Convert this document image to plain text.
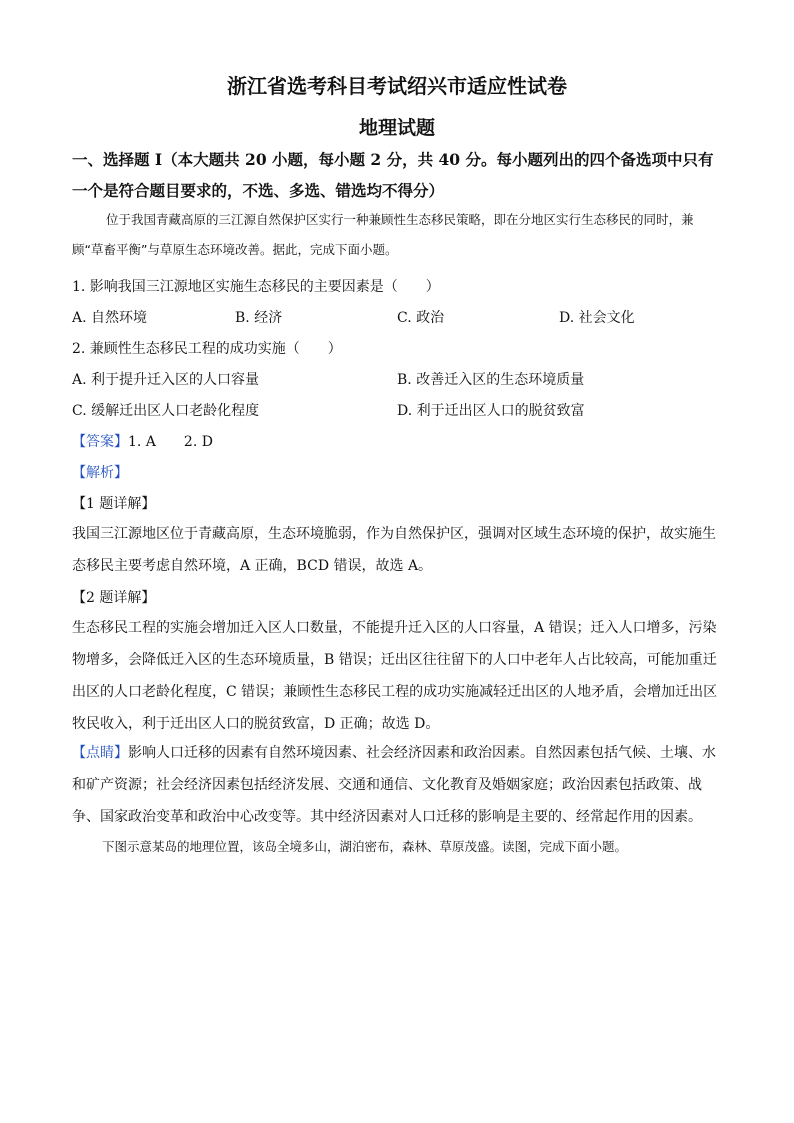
浙江省选考科目考试绍兴市适应性试卷
地理试题
一、选择题 I（本大题共 20 小题，每小题 2 分，共 40 分。每小题列出的四个备选项中只有一个是符合题目要求的，不选、多选、错选均不得分）
位于我国青藏高原的三江源自然保护区实行一种兼顾性生态移民策略，即在分地区实行生态移民的同时，兼顾“草畜平衡”与草原生态环境改善。据此，完成下面小题。
1. 影响我国三江源地区实施生态移民的主要因素是（　　）
A. 自然环境	B. 经济	C. 政治	D. 社会文化
2. 兼顾性生态移民工程的成功实施（　　）
A. 利于提升迁入区的人口容量	B. 改善迁入区的生态环境质量
C. 缓解迁出区人口老龄化程度	D. 利于迁出区人口的脱贫致富
【答案】1. A　　2. D
【解析】
【1 题详解】
我国三江源地区位于青藏高原，生态环境脆弱，作为自然保护区，强调对区域生态环境的保护，故实施生态移民主要考虑自然环境，A 正确，BCD 错误，故选 A。
【2 题详解】
生态移民工程的实施会增加迁入区人口数量，不能提升迁入区的人口容量，A 错误；迁入人口增多，污染物增多，会降低迁入区的生态环境质量，B 错误；迁出区往往留下的人口中老年人占比较高，可能加重迁出区的人口老龄化程度，C 错误；兼顾性生态移民工程的成功实施减轻迁出区的人地矛盾，会增加迁出区牧民收入，利于迁出区人口的脱贫致富，D 正确；故选 D。
【点睛】影响人口迁移的因素有自然环境因素、社会经济因素和政治因素。自然因素包括气候、土壤、水和矿产资源；社会经济因素包括经济发展、交通和通信、文化教育及婚姻家庭；政治因素包括政策、战争、国家政治变革和政治中心改变等。其中经济因素对人口迁移的影响是主要的、经常起作用的因素。
下图示意某岛的地理位置，该岛全境多山，湖泊密布，森林、草原茂盛。读图，完成下面小题。
